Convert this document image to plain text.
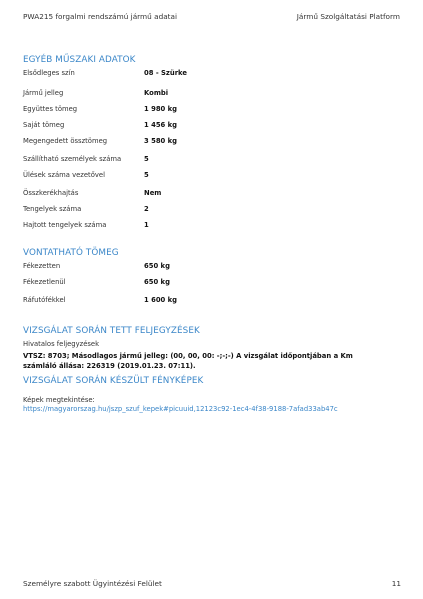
PWA215 forgalmi rendszámú jármű adatai	Jármű Szolgáltatási Platform
EGYÉB MŰSZAKI ADATOK
Elsődleges szín	08 - Szürke
Jármű jelleg	Kombi
Együttes tömeg	1 980 kg
Saját tömeg	1 456 kg
Megengedett össztömeg	3 580 kg
Szállítható személyek száma	5
Ülések száma vezetővel	5
Összkerékhajtás	Nem
Tengelyek száma	2
Hajtott tengelyek száma	1
VONTATHATÓ TÖMEG
Fékezetten	650 kg
Fékezetlenül	650 kg
Ráfutófékkel	1 600 kg
VIZSGÁLAT SORÁN TETT FELJEGYZÉSEK
Hivatalos feljegyzések
VTSZ: 8703; Másodlagos jármű jelleg: (00, 00, 00: -;-;-) A vizsgálat időpontjában a Km
számláló állása: 226319 (2019.01.23. 07:11).
VIZSGÁLAT SORÁN KÉSZÜLT FÉNYKÉPEK
Képek megtekintése:
https://magyarorszag.hu/jszp_szuf_kepek#picuuid,12123c92-1ec4-4f38-9188-7afad33ab47c
Személyre szabott Ügyintézési Felület	11
